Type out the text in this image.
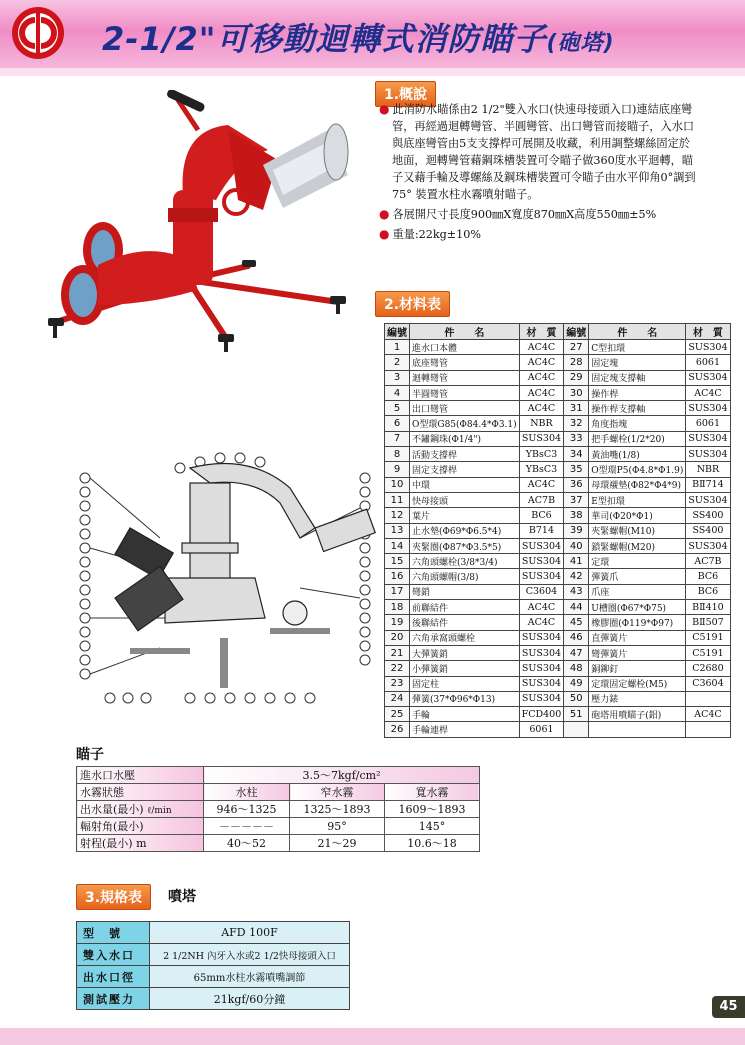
2-1/2"可移動迴轉式消防瞄子(砲塔)
1.概說
● 此消防水瞄係由2 1/2"雙入水口(快速母接頭入口)連結底座彎管，再經過迴轉彎管、半圓彎管、出口彎管而接瞄子，入水口與底座彎管由5支支撐桿可展開及收藏，利用調整螺絲固定於地面，迴轉彎管藉鋼珠槽裝置可令瞄子做360度水平迴轉，瞄子又藉手輪及導螺絲及鋼珠槽裝置可令瞄子由水平仰角0°調到75° 裝置水柱水霧噴射瞄子。
● 各展開尺寸長度900㎜X寬度870㎜X高度550㎜±5%
● 重量:22kg±10%
2.材料表
編號	件　　名	材　質	編號	件　　名	材　質
1	進水口本體	AC4C	27	C型扣環	SUS304
2	底座彎管	AC4C	28	固定塊	6061
3	迴轉彎管	AC4C	29	固定塊支撐軸	SUS304
4	半圓彎管	AC4C	30	操作桿	AC4C
5	出口彎管	AC4C	31	操作桿支撐軸	SUS304
6	O型環G85(Φ84.4*Φ3.1)	NBR	32	角度指塊	6061
7	不鏽鋼珠(Φ1/4")	SUS304	33	把手螺栓(1/2*20)	SUS304
8	活動支撐桿	YBsC3	34	黃油嘴(1/8)	SUS304
9	固定支撐桿	YBsC3	35	O型環P5(Φ4.8*Φ1.9)	NBR
10	中環	AC4C	36	母環襯墊(Φ82*Φ4*9)	BⅡ714
11	快母接頭	AC7B	37	E型扣環	SUS304
12	葉片	BC6	38	華司(Φ20*Φ1)	SS400
13	止水墊(Φ69*Φ6.5*4)	B714	39	夾緊螺帽(M10)	SS400
14	夾緊圈(Φ87*Φ3.5*5)	SUS304	40	鎖緊螺帽(M20)	SUS304
15	六角頭螺栓(3/8*3/4)	SUS304	41	定環	AC7B
16	六角頭螺帽(3/8)	SUS304	42	彈簧爪	BC6
17	彎銷	C3604	43	爪座	BC6
18	前聯結件	AC4C	44	U槽圈(Φ67*Φ75)	BⅡ410
19	後聯結件	AC4C	45	橡膠圈(Φ119*Φ97)	BⅡ507
20	六角承窩頭螺栓	SUS304	46	直彈簧片	C5191
21	大彈簧銷	SUS304	47	彎彈簧片	C5191
22	小彈簧銷	SUS304	48	銅鉚釘	C2680
23	固定柱	SUS304	49	定環固定螺栓(M5)	C3604
24	彈簧(37*Φ96*Φ13)	SUS304	50	壓力錶	
25	手輪	FCD400	51	砲塔用噴瞄子(鋁)	AC4C
26	手輪連桿	6061			
瞄子
進水口水壓	3.5～7kgf/cm²		
水霧狀態	水柱	窄水霧	寬水霧
出水量(最小) ℓ/min	946～1325	1325～1893	1609～1893
輻射角(最小)	－－－－－	95°	145°
射程(最小) m	40～52	21～29	10.6～18
3.規格表	噴塔
型　號	AFD 100F
雙入水口	2 1/2NH 內牙入水或2 1/2快母接頭入口
出水口徑	65mm水柱水霧噴嘴調節
測試壓力	21kgf/60分鐘	45
